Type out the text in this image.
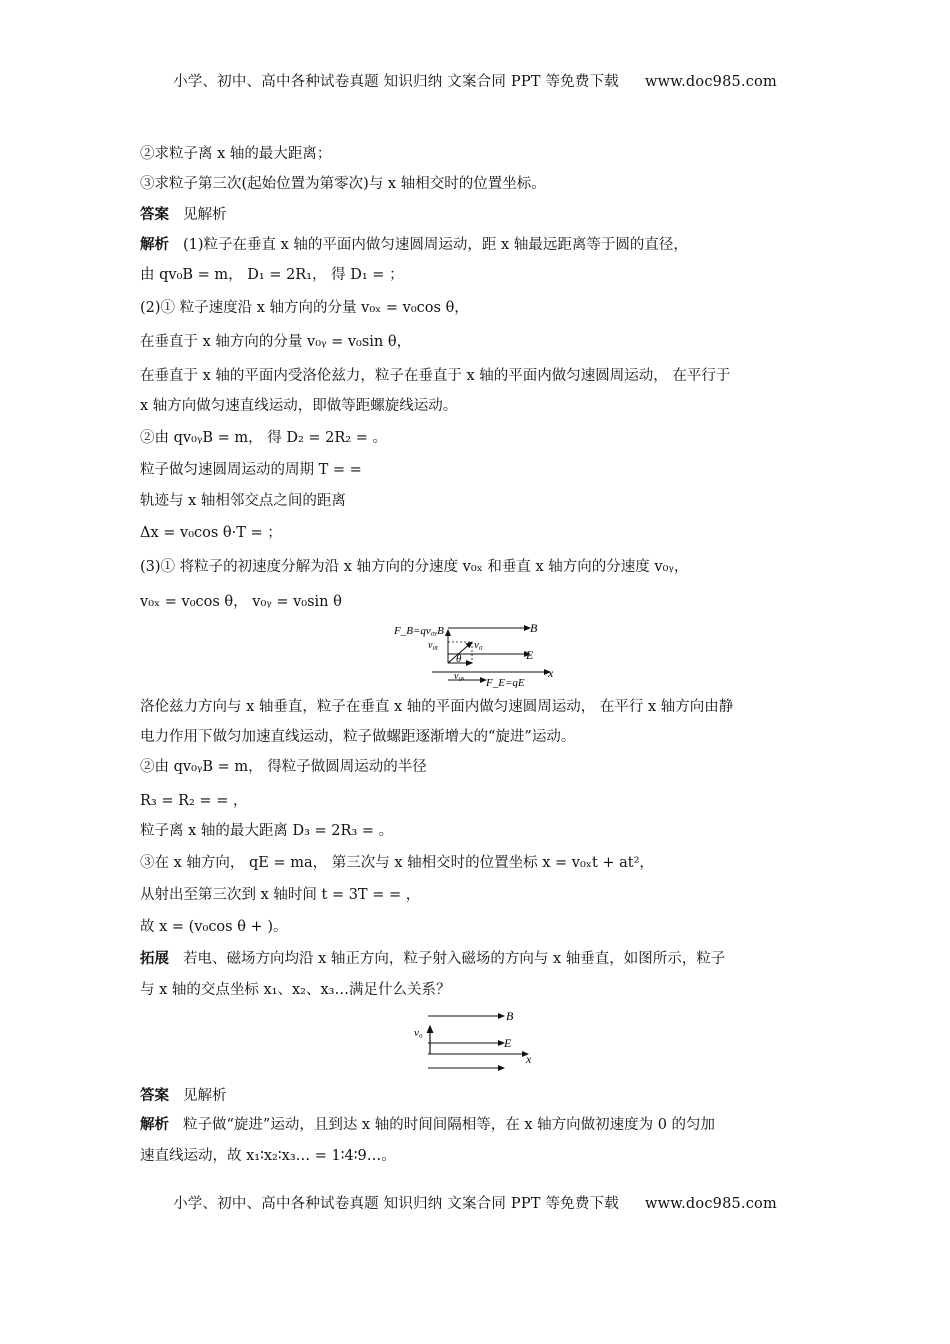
小学、初中、高中各种试卷真题 知识归纳 文案合同 PPT 等免费下载 www.doc985.com
②求粒子离 x 轴的最大距离；
③求粒子第三次(起始位置为第零次)与 x 轴相交时的位置坐标。
答案 见解析
解析 (1)粒子在垂直 x 轴的平面内做匀速圆周运动，距 x 轴最远距离等于圆的直径，
由 qv₀B = m， D₁ = 2R₁， 得 D₁ = ；
(2)① 粒子速度沿 x 轴方向的分量 v₀ₓ = v₀cos θ，
在垂直于 x 轴方向的分量 v₀ᵧ = v₀sin θ，
在垂直于 x 轴的平面内受洛伦兹力，粒子在垂直于 x 轴的平面内做匀速圆周运动， 在平行于
x 轴方向做匀速直线运动，即做等距螺旋线运动。
②由 qv₀ᵧB = m， 得 D₂ = 2R₂ = 。
粒子做匀速圆周运动的周期 T = =
轨迹与 x 轴相邻交点之间的距离
Δx = v₀cos θ·T = ；
(3)① 将粒子的初速度分解为沿 x 轴方向的分速度 v₀ₓ 和垂直 x 轴方向的分速度 v₀ᵧ，
v₀ₓ = v₀cos θ， v₀ᵧ = v₀sin θ
F_B=qv₀ᵧB
v₀
v₀ᵧ
θ
v₀ₓ
F_E=qE
B
E
x
洛伦兹力方向与 x 轴垂直，粒子在垂直 x 轴的平面内做匀速圆周运动， 在平行 x 轴方向由静
电力作用下做匀加速直线运动，粒子做螺距逐渐增大的“旋进”运动。
②由 qv₀ᵧB = m， 得粒子做圆周运动的半径
R₃ = R₂ = = ，
粒子离 x 轴的最大距离 D₃ = 2R₃ = 。
③在 x 轴方向， qE = ma， 第三次与 x 轴相交时的位置坐标 x = v₀ₓt + at²，
从射出至第三次到 x 轴时间 t = 3T = = ，
故 x = (v₀cos θ + )。
拓展 若电、磁场方向均沿 x 轴正方向，粒子射入磁场的方向与 x 轴垂直，如图所示，粒子
与 x 轴的交点坐标 x₁、x₂、x₃…满足什么关系？
v₀
B
E
x
答案 见解析
解析 粒子做“旋进”运动，且到达 x 轴的时间间隔相等，在 x 轴方向做初速度为 0 的匀加
速直线运动，故 x₁∶x₂∶x₃… = 1∶4∶9…。
小学、初中、高中各种试卷真题 知识归纳 文案合同 PPT 等免费下载 www.doc985.com
